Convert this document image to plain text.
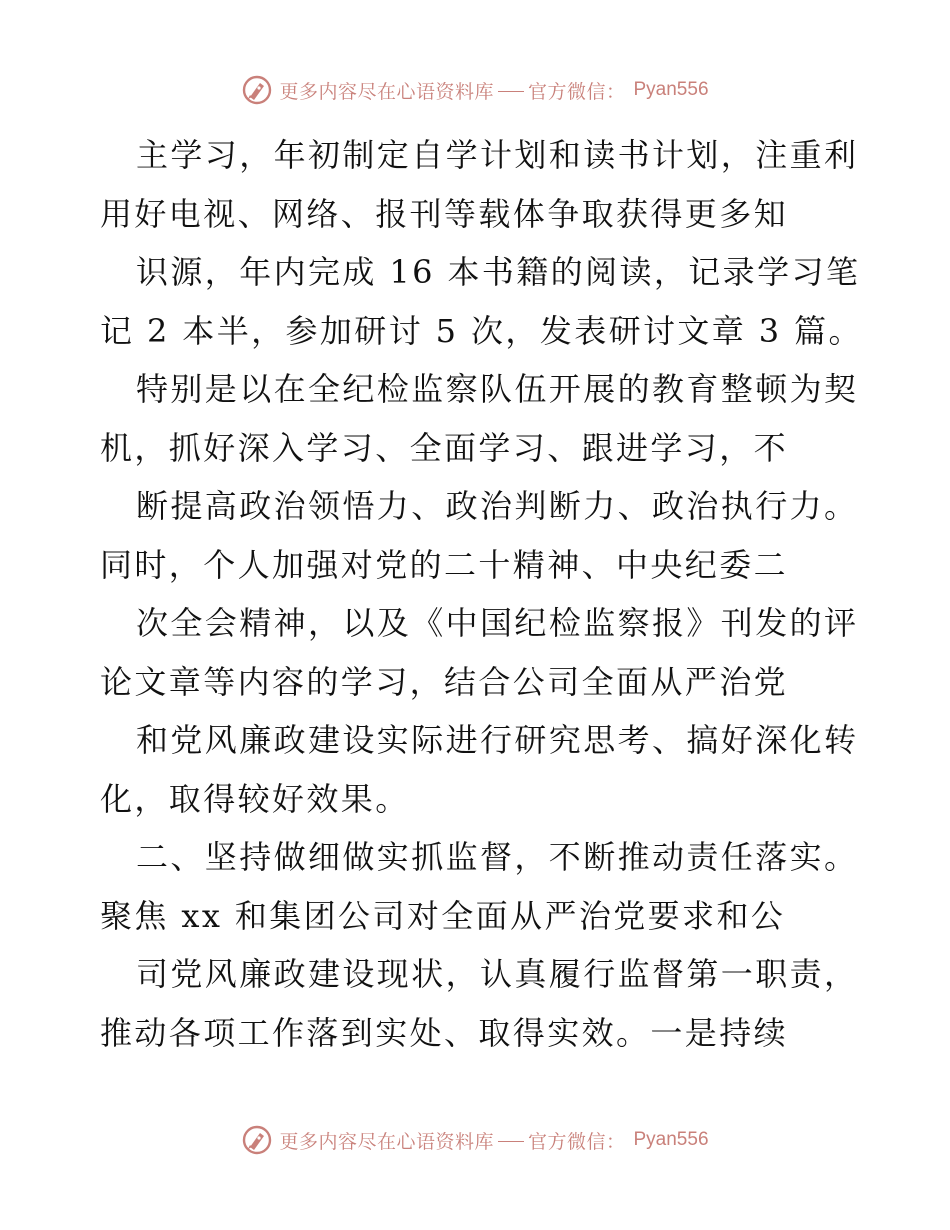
更多内容尽在心语资料库 官方微信： Pyan556
主学习，年初制定自学计划和读书计划，注重利
用好电视、网络、报刊等载体争取获得更多知
识源，年内完成 16 本书籍的阅读，记录学习笔
记 2 本半，参加研讨 5 次，发表研讨文章 3 篇。
特别是以在全纪检监察队伍开展的教育整顿为契
机，抓好深入学习、全面学习、跟进学习，不
断提高政治领悟力、政治判断力、政治执行力。
同时，个人加强对党的二十精神、中央纪委二
次全会精神，以及《中国纪检监察报》刊发的评
论文章等内容的学习，结合公司全面从严治党
和党风廉政建设实际进行研究思考、搞好深化转
化，取得较好效果。
二、坚持做细做实抓监督，不断推动责任落实。
聚焦 xx 和集团公司对全面从严治党要求和公
司党风廉政建设现状，认真履行监督第一职责，
推动各项工作落到实处、取得实效。一是持续
更多内容尽在心语资料库 官方微信： Pyan556
